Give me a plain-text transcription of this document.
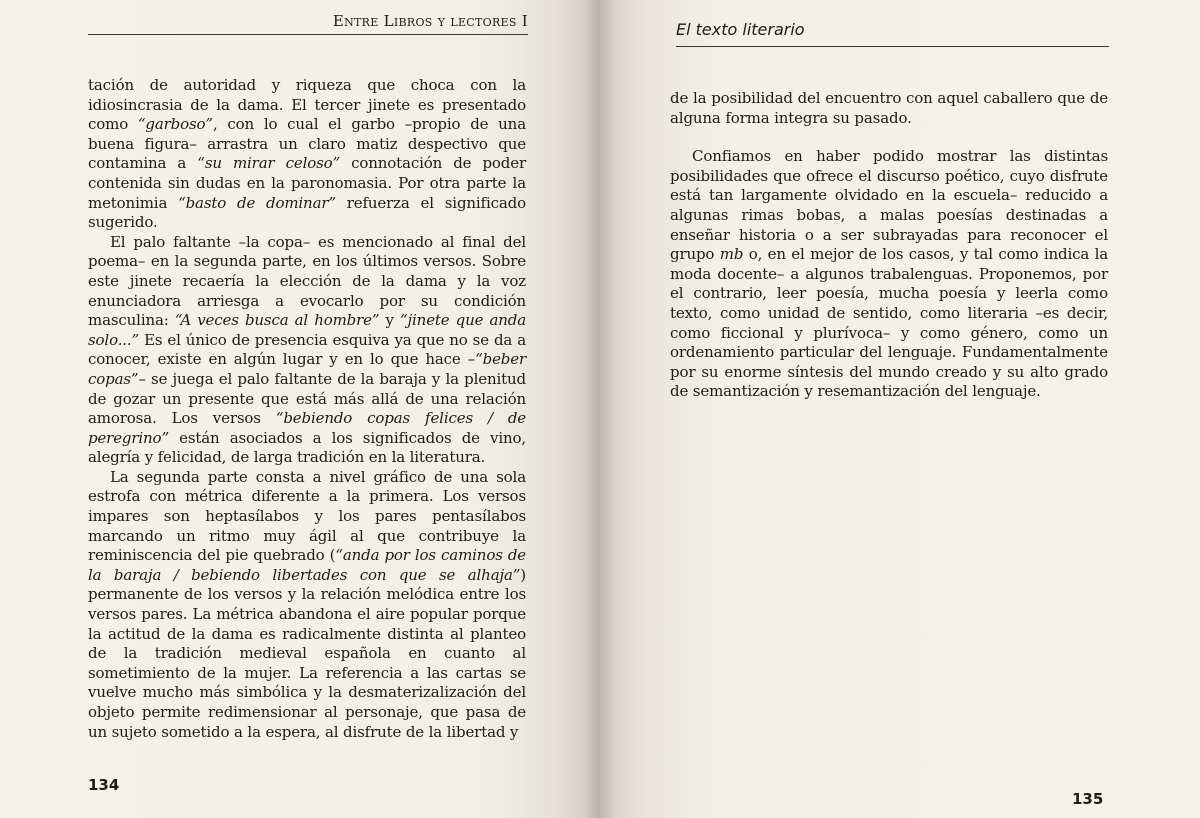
Entre Libros y lectores I

tación de autoridad y riqueza que choca con la idiosincrasia de la dama. El tercer jinete es presentado como “garboso”, con lo cual el garbo –propio de una buena figura– arrastra un claro matiz despectivo que contamina a “su mirar celoso” connotación de poder contenida sin dudas en la paronomasia. Por otra parte la metonimia “basto de dominar” refuerza el significado sugerido.

El palo faltante –la copa– es mencionado al final del poema– en la segunda parte, en los últimos versos. Sobre este jinete recaería la elección de la dama y la voz enunciadora arriesga a evocarlo por su condición masculina: “A veces busca al hombre” y “jinete que anda solo...” Es el único de presencia esquiva ya que no se da a conocer, existe en algún lugar y en lo que hace –“beber copas”– se juega el palo faltante de la baraja y la plenitud de gozar un presente que está más allá de una relación amorosa. Los versos “bebiendo copas felices / de peregrino” están asociados a los significados de vino, alegría y felicidad, de larga tradición en la literatura.

La segunda parte consta a nivel gráfico de una sola estrofa con métrica diferente a la primera. Los versos impares son heptasílabos y los pares pentasílabos marcando un ritmo muy ágil al que contribuye la reminiscencia del pie quebrado (“anda por los caminos de la baraja / bebiendo libertades con que se alhaja”) permanente de los versos y la relación melódica entre los versos pares. La métrica abandona el aire popular porque la actitud de la dama es radicalmente distinta al planteo de la tradición medieval española en cuanto al sometimiento de la mujer. La referencia a las cartas se vuelve mucho más simbólica y la desmaterizalización del objeto permite redimensionar al personaje, que pasa de un sujeto sometido a la espera, al disfrute de la libertad y

134
El texto literario

de la posibilidad del encuentro con aquel caballero que de alguna forma integra su pasado.

Confiamos en haber podido mostrar las distintas posibilidades que ofrece el discurso poético, cuyo disfrute está tan largamente olvidado en la escuela– reducido a algunas rimas bobas, a malas poesías destinadas a enseñar historia o a ser subrayadas para reconocer el grupo mb o, en el mejor de los casos, y tal como indica la moda docente– a algunos trabalenguas. Proponemos, por el contrario, leer poesía, mucha poesía y leerla como texto, como unidad de sentido, como literaria –es decir, como ficcional y plurívoca– y como género, como un ordenamiento particular del lenguaje. Fundamentalmente por su enorme síntesis del mundo creado y su alto grado de semantización y resemantización del lenguaje.

135
